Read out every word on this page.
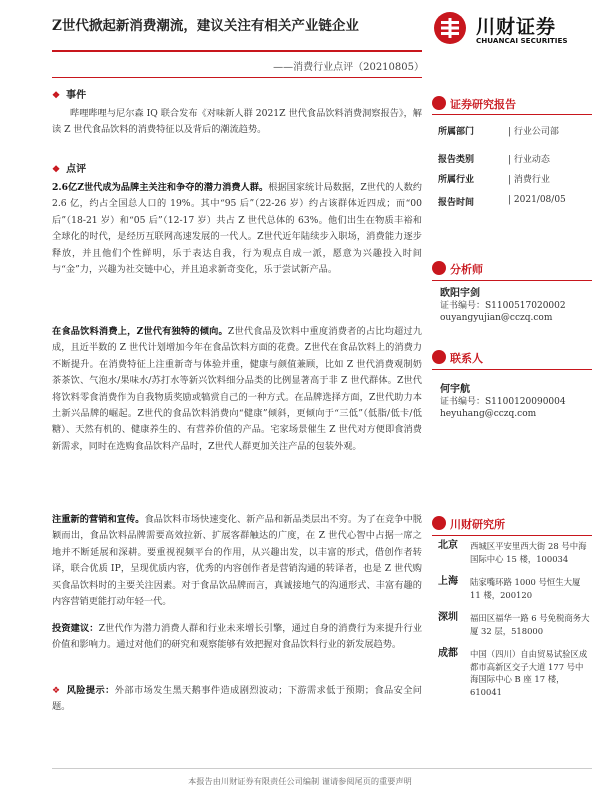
Z世代掀起新消费潮流，建议关注有相关产业链企业
——消费行业点评（20210805）
川财证券
CHUANCAI SECURITIES
❖ 事件
哔哩哔哩与尼尔森 IQ 联合发布《对味新人群 2021Z 世代食品饮料消费洞察报告》，解读 Z 世代食品饮料的消费特征以及背后的潮流趋势。
❖ 点评
2.6亿Z世代成为品牌主关注和争夺的潜力消费人群。根据国家统计局数据，Z世代的人数约 2.6 亿，约占全国总人口的 19%。其中“95 后”（22-26 岁）约占该群体近四成；而“00 后”（18-21 岁）和“05 后”（12-17 岁）共占 Z 世代总体的 63%。他们出生在物质丰裕和全球化的时代，是经历互联网高速发展的一代人。Z世代近年陆续步入职场，消费能力逐步释放，并且他们个性鲜明，乐于表达自我，行为观点自成一派，愿意为兴趣投入时间与“金”力，兴趣为社交链中心，并且追求新奇变化，乐于尝试新产品。
在食品饮料消费上，Z世代有独特的倾向。Z世代食品及饮料中重度消费者的占比均超过九成，且近半数的 Z 世代计划增加今年在食品饮料方面的花费。Z世代在食品饮料上的消费力不断提升。在消费特征上注重新奇与体验并重，健康与颜值兼顾，比如 Z 世代消费观制奶茶茶饮、气泡水/果味水/苏打水等新兴饮料细分品类的比例显著高于非 Z 世代群体。Z世代将饮料零食消费作为自我物质奖励或犒赏自己的一种方式。在品牌选择方面，Z世代助力本土新兴品牌的崛起。Z世代的食品饮料消费向“健康”倾斜，更倾向于“三低”（低脂/低卡/低糖）、天然有机的、健康养生的、有营养价值的产品。宅家场景催生 Z 世代对方便即食消费新需求，同时在选购食品饮料产品时，Z世代人群更加关注产品的包装外观。
注重新的营销和宣传。食品饮料市场快速变化、新产品和新品类层出不穷。为了在竞争中脱颖而出，食品饮料品牌需要高效拉新、扩展客群触达的广度，在 Z 世代心智中占据一席之地并不断延展和深耕。要重视视频平台的作用，从兴趣出发，以丰富的形式，借创作者转译，联合优质 IP，呈现优质内容，优秀的内容创作者是营销沟通的转译者，也是 Z 世代购买食品饮料时的主要关注因素。对于食品饮品牌而言，真诚接地气的沟通形式、丰富有趣的内容营销更能打动年轻一代。
投资建议：Z世代作为潜力消费人群和行业未来增长引擎，通过自身的消费行为来提升行业价值和影响力。通过对他们的研究和观察能够有效把握对食品饮料行业的新发展趋势。
❖ 风险提示：外部市场发生黑天鹅事件造成剧烈波动；下游需求低于预期；食品安全问题。
证券研究报告
所属部门	| 行业公司部
报告类别	| 行业动态
所属行业	| 消费行业
报告时间	| 2021/08/05
分析师
欧阳宇剑
证书编号：S1100517020002
ouyangyujian@cczq.com
联系人
何宇航
证书编号：S1100120090004
heyuhang@cczq.com
川财研究所
北京 西城区平安里西大街 28 号中海国际中心 15 楼，100034
上海 陆家嘴环路 1000 号恒生大厦 11 楼，200120
深圳 福田区福华一路 6 号免税商务大厦 32 层，518000
成都 中国（四川）自由贸易试验区成都市高新区交子大道 177 号中海国际中心 B 座 17 楼，610041
本报告由川财证券有限责任公司编制 谨请参阅尾页的重要声明
